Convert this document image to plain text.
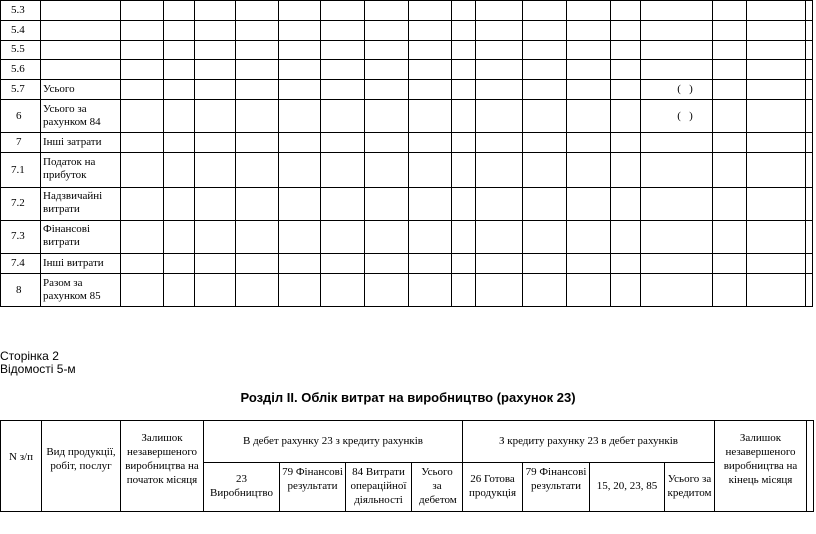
5.3
5.4
5.5
5.6
5.7
6
7
7.1
7.2
7.3
7.4
8
Усього
Усього за рахунком 84
Інші затрати
Податок на прибуток
Надзвичайні витрати
Фінансові витрати
Інші витрати
Разом за рахунком 85
(   )
(   )
Сторінка 2
Відомості 5-м
Розділ II. Облік витрат на виробництво (рахунок 23)
N з/п	Вид продукції, робіт, послуг
Залишок незавершеного виробництва на початок місяця
В дебет рахунку 23 з кредиту рахунків
23 Виробництво
79 Фінансові результати
84 Витрати операційної діяльності
Усього за дебетом
З кредиту рахунку 23 в дебет рахунків
26 Готова продукція
79 Фінансові результати	15, 20, 23, 85
Усього за кредитом
Залишок незавершеного виробництва на кінець місяця
